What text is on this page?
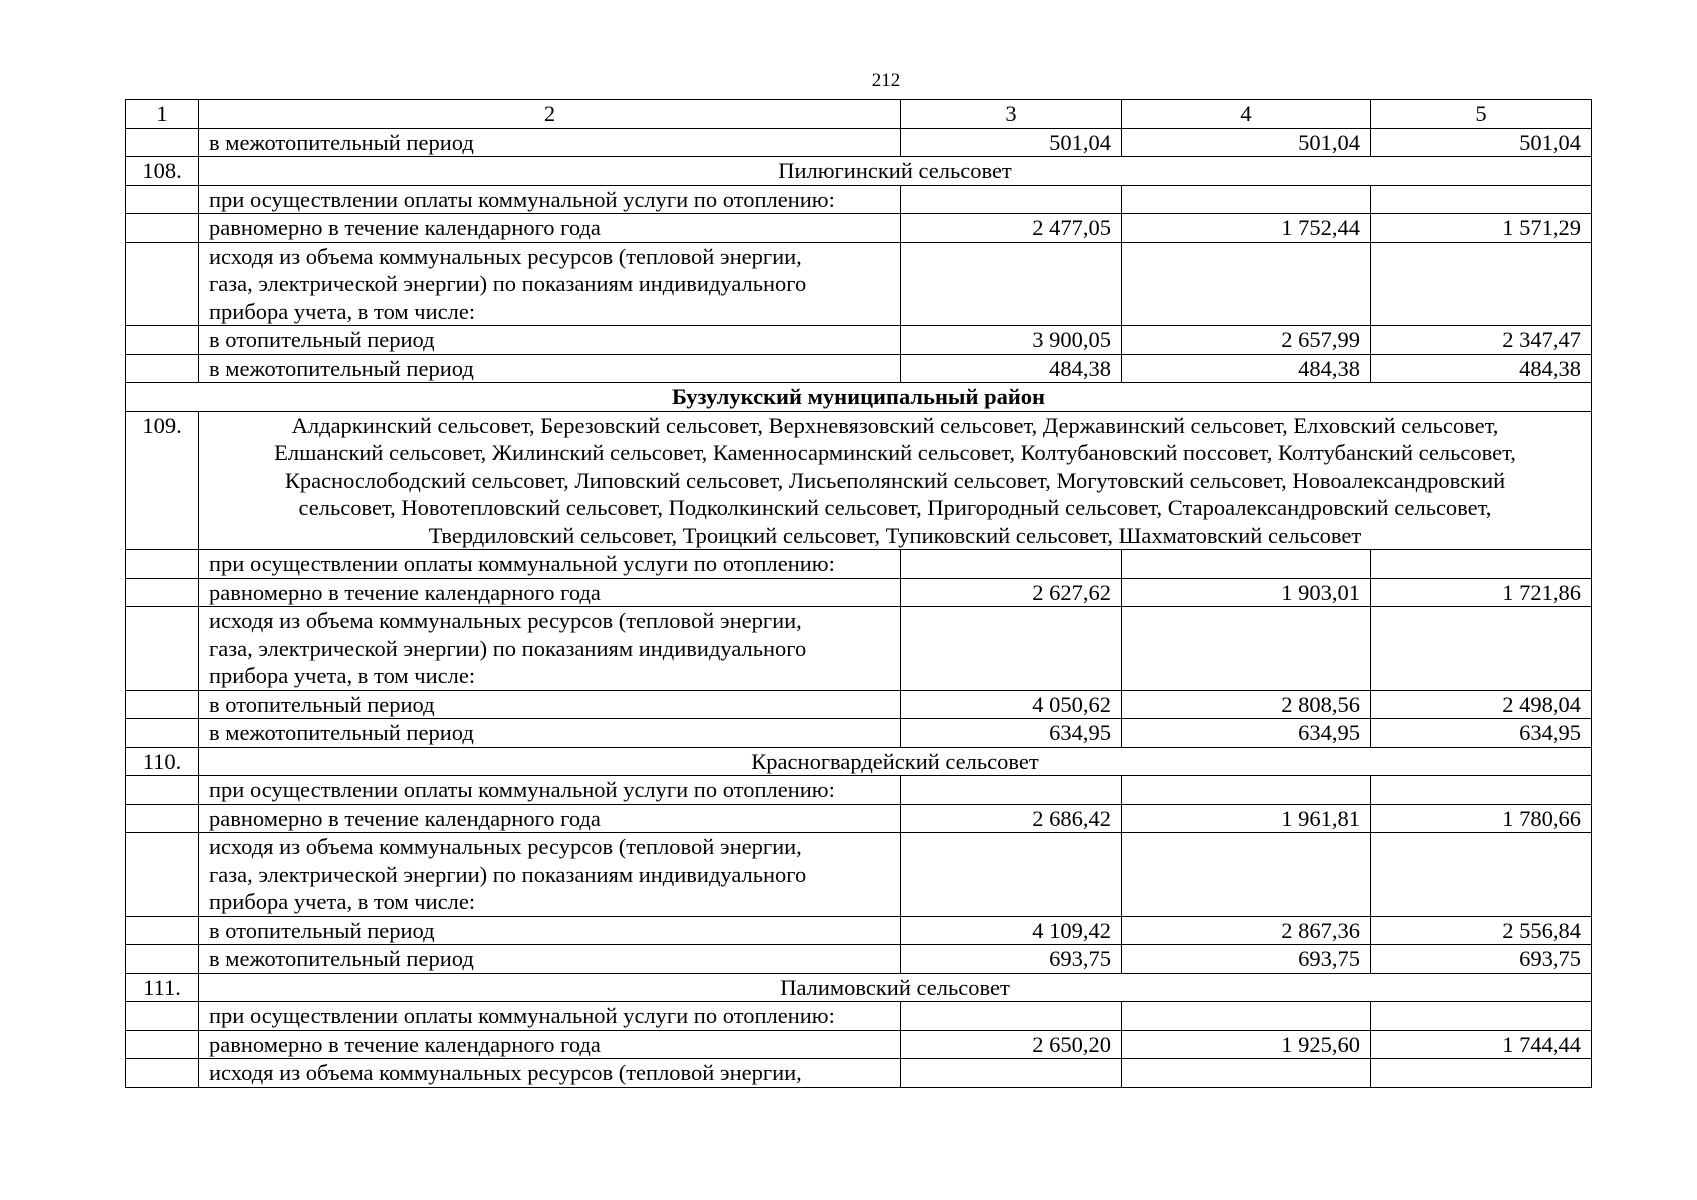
212
1	2	3	4	5
	в межотопительный период	501,04	501,04	501,04
108.	Пилюгинский сельсовет			
	при осуществлении оплаты коммунальной услуги по отоплению:			
	равномерно в течение календарного года	2 477,05	1 752,44	1 571,29

	исходя из объема коммунальных ресурсов (тепловой энергии,
газа, электрической энергии) по показаниям индивидуального
прибора учета, в том числе:			

	в отопительный период	3 900,05	2 657,99	2 347,47
	в межотопительный период	484,38	484,38	484,38
Бузулукский муниципальный район				
109.	Алдаркинский сельсовет, Березовский сельсовет, Верхневязовский сельсовет, Державинский сельсовет, Елховский сельсовет,
Елшанский сельсовет, Жилинский сельсовет, Каменносарминский сельсовет, Колтубановский поссовет, Колтубанский сельсовет,
Краснослободский сельсовет, Липовский сельсовет, Лисьеполянский сельсовет, Могутовский сельсовет, Новоалександровский
сельсовет, Новотепловский сельсовет, Подколкинский сельсовет, Пригородный сельсовет, Староалександровский сельсовет,
Твердиловский сельсовет, Троицкий сельсовет, Тупиковский сельсовет, Шахматовский сельсовет			

	при осуществлении оплаты коммунальной услуги по отоплению:			
	равномерно в течение календарного года	2 627,62	1 903,01	1 721,86

	исходя из объема коммунальных ресурсов (тепловой энергии,
газа, электрической энергии) по показаниям индивидуального
прибора учета, в том числе:			

	в отопительный период	4 050,62	2 808,56	2 498,04
	в межотопительный период	634,95	634,95	634,95
110.	Красногвардейский сельсовет			
	при осуществлении оплаты коммунальной услуги по отоплению:			
	равномерно в течение календарного года	2 686,42	1 961,81	1 780,66

	исходя из объема коммунальных ресурсов (тепловой энергии,
газа, электрической энергии) по показаниям индивидуального
прибора учета, в том числе:			

	в отопительный период	4 109,42	2 867,36	2 556,84
	в межотопительный период	693,75	693,75	693,75
111.	Палимовский сельсовет			
	при осуществлении оплаты коммунальной услуги по отоплению:			
	равномерно в течение календарного года	2 650,20	1 925,60	1 744,44
	исходя из объема коммунальных ресурсов (тепловой энергии,			
